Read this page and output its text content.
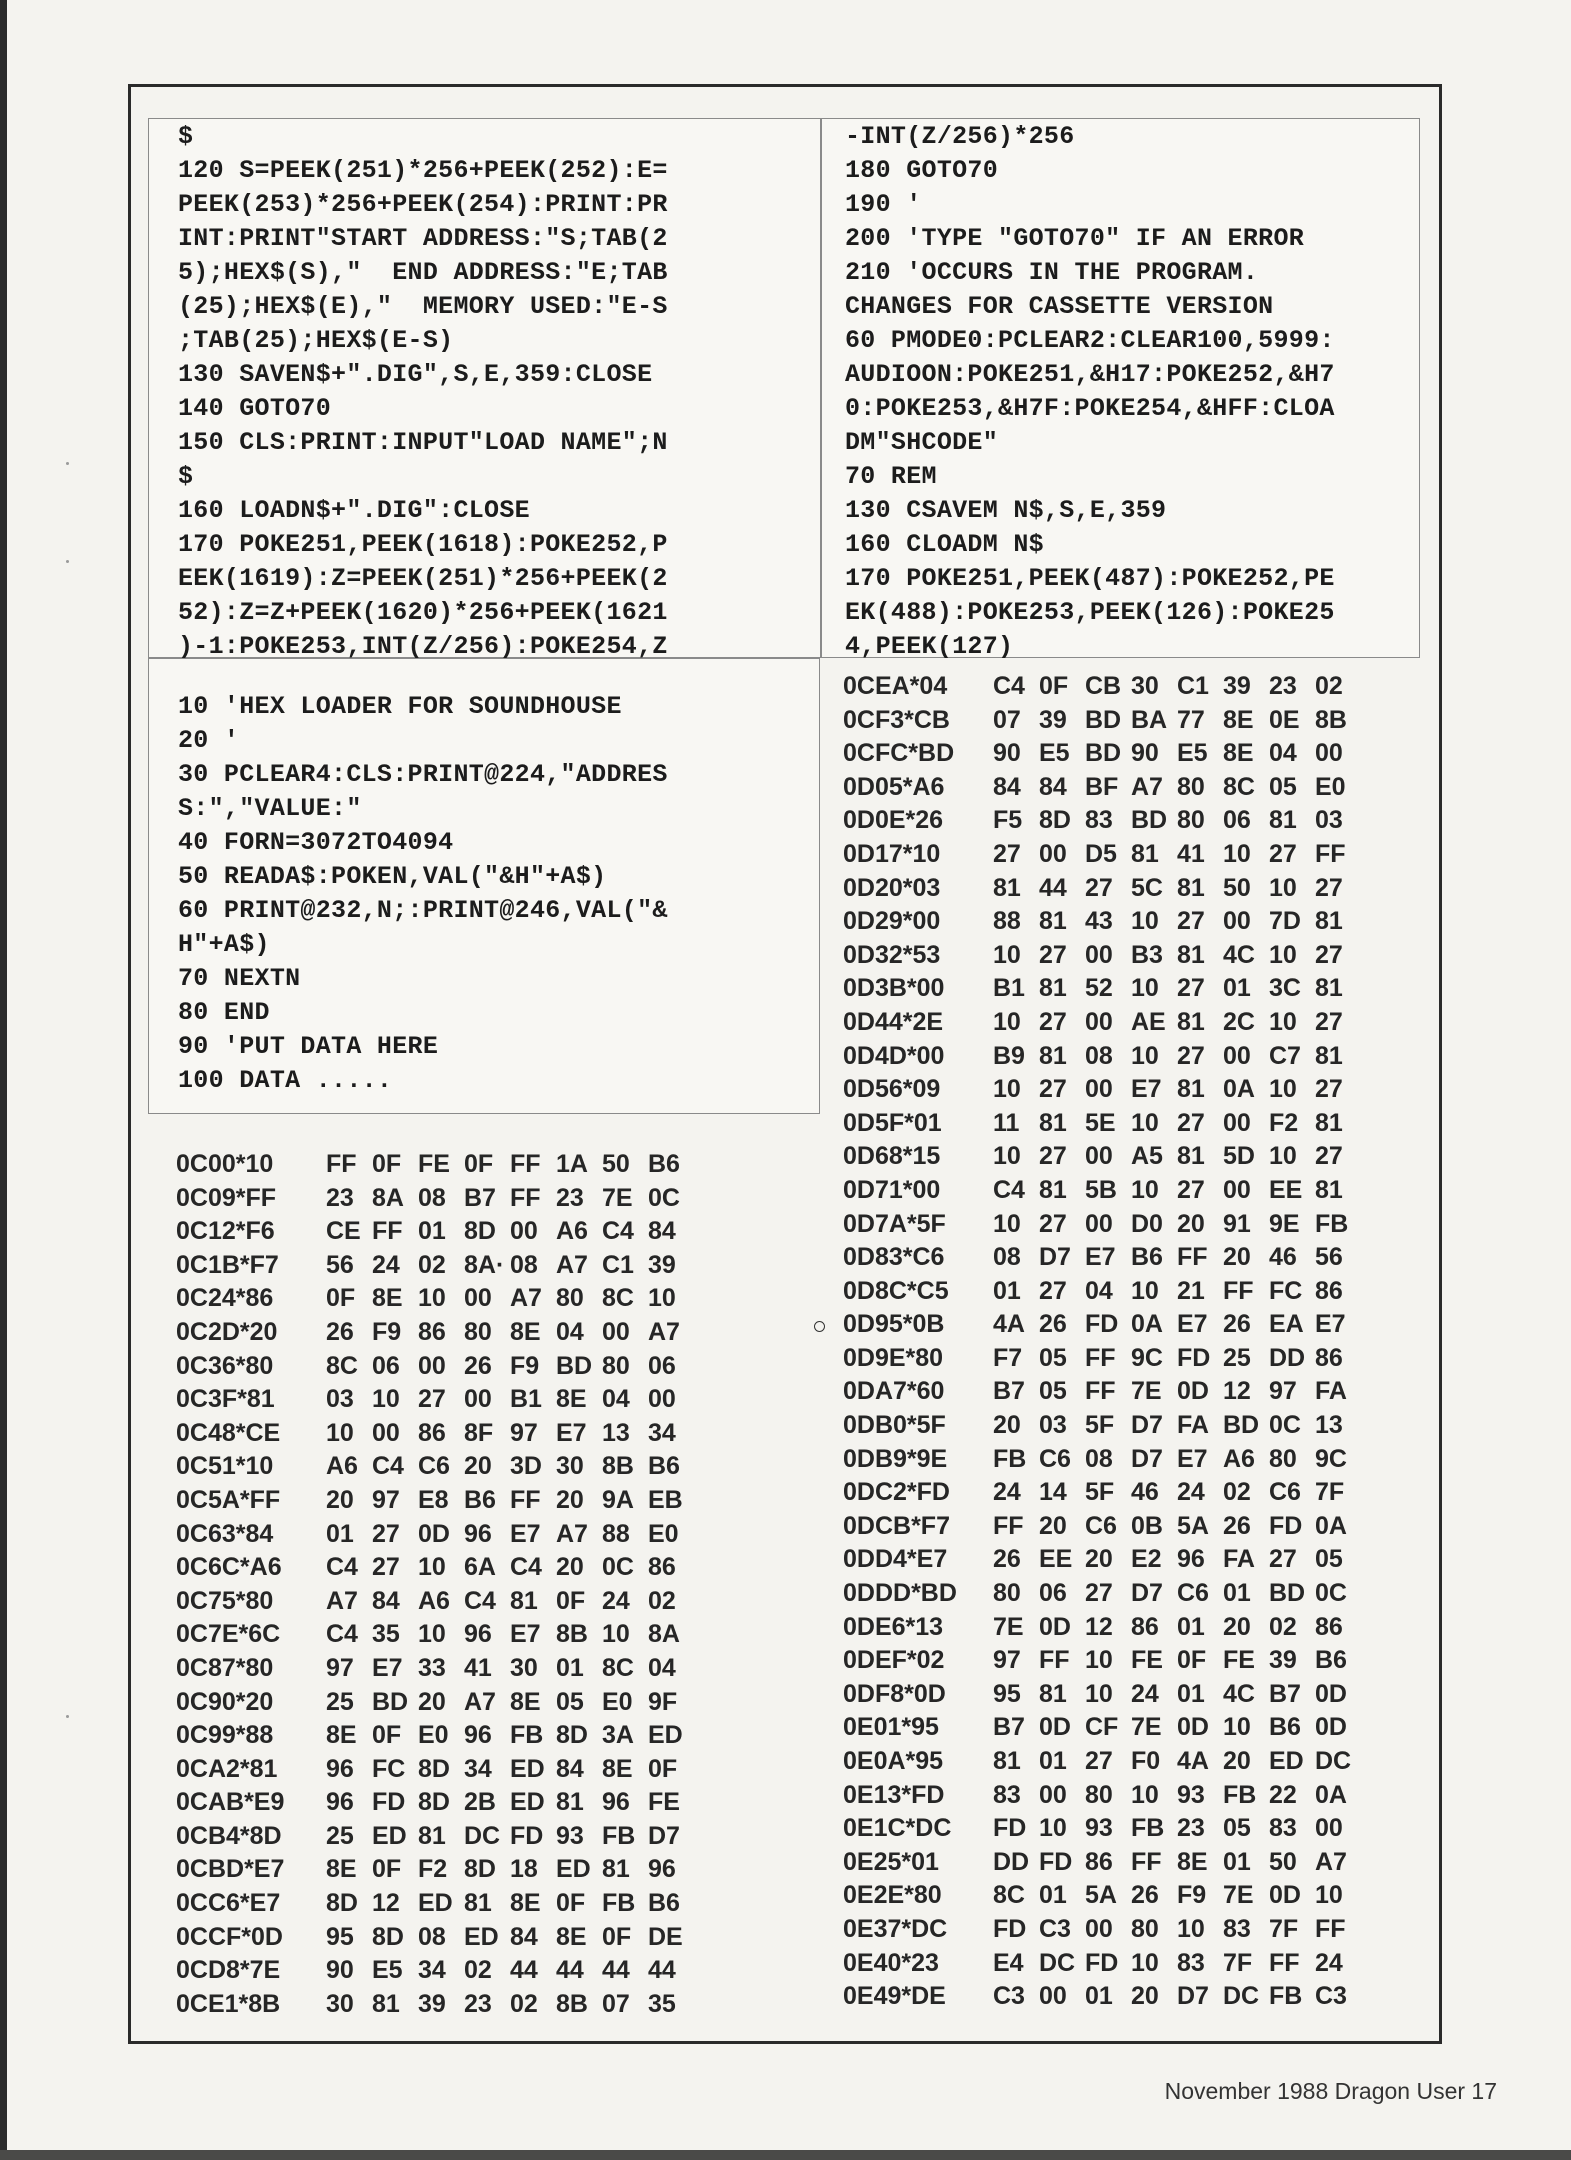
$
120 S=PEEK(251)*256+PEEK(252):E=
PEEK(253)*256+PEEK(254):PRINT:PR
INT:PRINT"START ADDRESS:"S;TAB(2
5);HEX$(S),"  END ADDRESS:"E;TAB
(25);HEX$(E),"  MEMORY USED:"E-S
;TAB(25);HEX$(E-S)
130 SAVEN$+".DIG",S,E,359:CLOSE
140 GOTO70
150 CLS:PRINT:INPUT"LOAD NAME";N
$
160 LOADN$+".DIG":CLOSE
170 POKE251,PEEK(1618):POKE252,P
EEK(1619):Z=PEEK(251)*256+PEEK(2
52):Z=Z+PEEK(1620)*256+PEEK(1621
)-1:POKE253,INT(Z/256):POKE254,Z
-INT(Z/256)*256
180 GOTO70
190 '
200 'TYPE "GOTO70" IF AN ERROR
210 'OCCURS IN THE PROGRAM.
CHANGES FOR CASSETTE VERSION
60 PMODE0:PCLEAR2:CLEAR100,5999:
AUDIOON:POKE251,&H17:POKE252,&H7
0:POKE253,&H7F:POKE254,&HFF:CLOA
DM"SHCODE"
70 REM
130 CSAVEM N$,S,E,359
160 CLOADM N$
170 POKE251,PEEK(487):POKE252,PE
EK(488):POKE253,PEEK(126):POKE25
4,PEEK(127)
10 'HEX LOADER FOR SOUNDHOUSE
20 '
30 PCLEAR4:CLS:PRINT@224,"ADDRES
S:","VALUE:"
40 FORN=3072TO4094
50 READA$:POKEN,VAL("&H"+A$)
60 PRINT@232,N;:PRINT@246,VAL("&
H"+A$)
70 NEXTN
80 END
90 'PUT DATA HERE
100 DATA .....
0C00*10 FF 0F FE 0F FF 1A 50 B6
0C09*FF 23 8A 08 B7 FF 23 7E 0C
0C12*F6 CE FF 01 8D 00 A6 C4 84
0C1B*F7 56 24 02 8A· 08 A7 C1 39
0C24*86 0F 8E 10 00 A7 80 8C 10
0C2D*20 26 F9 86 80 8E 04 00 A7
0C36*80 8C 06 00 26 F9 BD 80 06
0C3F*81 03 10 27 00 B1 8E 04 00
0C48*CE 10 00 86 8F 97 E7 13 34
0C51*10 A6 C4 C6 20 3D 30 8B B6
0C5A*FF 20 97 E8 B6 FF 20 9A EB
0C63*84 01 27 0D 96 E7 A7 88 E0
0C6C*A6 C4 27 10 6A C4 20 0C 86
0C75*80 A7 84 A6 C4 81 0F 24 02
0C7E*6C C4 35 10 96 E7 8B 10 8A
0C87*80 97 E7 33 41 30 01 8C 04
0C90*20 25 BD 20 A7 8E 05 E0 9F
0C99*88 8E 0F E0 96 FB 8D 3A ED
0CA2*81 96 FC 8D 34 ED 84 8E 0F
0CAB*E9 96 FD 8D 2B ED 81 96 FE
0CB4*8D 25 ED 81 DC FD 93 FB D7
0CBD*E7 8E 0F F2 8D 18 ED 81 96
0CC6*E7 8D 12 ED 81 8E 0F FB B6
0CCF*0D 95 8D 08 ED 84 8E 0F DE
0CD8*7E 90 E5 34 02 44 44 44 44
0CE1*8B 30 81 39 23 02 8B 07 35
0CEA*04 C4 0F CB 30 C1 39 23 02
0CF3*CB 07 39 BD BA 77 8E 0E 8B
0CFC*BD 90 E5 BD 90 E5 8E 04 00
0D05*A6 84 84 BF A7 80 8C 05 E0
0D0E*26 F5 8D 83 BD 80 06 81 03
0D17*10 27 00 D5 81 41 10 27 FF
0D20*03 81 44 27 5C 81 50 10 27
0D29*00 88 81 43 10 27 00 7D 81
0D32*53 10 27 00 B3 81 4C 10 27
0D3B*00 B1 81 52 10 27 01 3C 81
0D44*2E 10 27 00 AE 81 2C 10 27
0D4D*00 B9 81 08 10 27 00 C7 81
0D56*09 10 27 00 E7 81 0A 10 27
0D5F*01 11 81 5E 10 27 00 F2 81
0D68*15 10 27 00 A5 81 5D 10 27
0D71*00 C4 81 5B 10 27 00 EE 81
0D7A*5F 10 27 00 D0 20 91 9E FB
0D83*C6 08 D7 E7 B6 FF 20 46 56
0D8C*C5 01 27 04 10 21 FF FC 86
0D95*0B 4A 26 FD 0A E7 26 EA E7
0D9E*80 F7 05 FF 9C FD 25 DD 86
0DA7*60 B7 05 FF 7E 0D 12 97 FA
0DB0*5F 20 03 5F D7 FA BD 0C 13
0DB9*9E FB C6 08 D7 E7 A6 80 9C
0DC2*FD 24 14 5F 46 24 02 C6 7F
0DCB*F7 FF 20 C6 0B 5A 26 FD 0A
0DD4*E7 26 EE 20 E2 96 FA 27 05
0DDD*BD 80 06 27 D7 C6 01 BD 0C
0DE6*13 7E 0D 12 86 01 20 02 86
0DEF*02 97 FF 10 FE 0F FE 39 B6
0DF8*0D 95 81 10 24 01 4C B7 0D
0E01*95 B7 0D CF 7E 0D 10 B6 0D
0E0A*95 81 01 27 F0 4A 20 ED DC
0E13*FD 83 00 80 10 93 FB 22 0A
0E1C*DC FD 10 93 FB 23 05 83 00
0E25*01 DD FD 86 FF 8E 01 50 A7
0E2E*80 8C 01 5A 26 F9 7E 0D 10
0E37*DC FD C3 00 80 10 83 7F FF
0E40*23 E4 DC FD 10 83 7F FF 24
0E49*DE C3 00 01 20 D7 DC FB C3
November 1988 Dragon User 17
